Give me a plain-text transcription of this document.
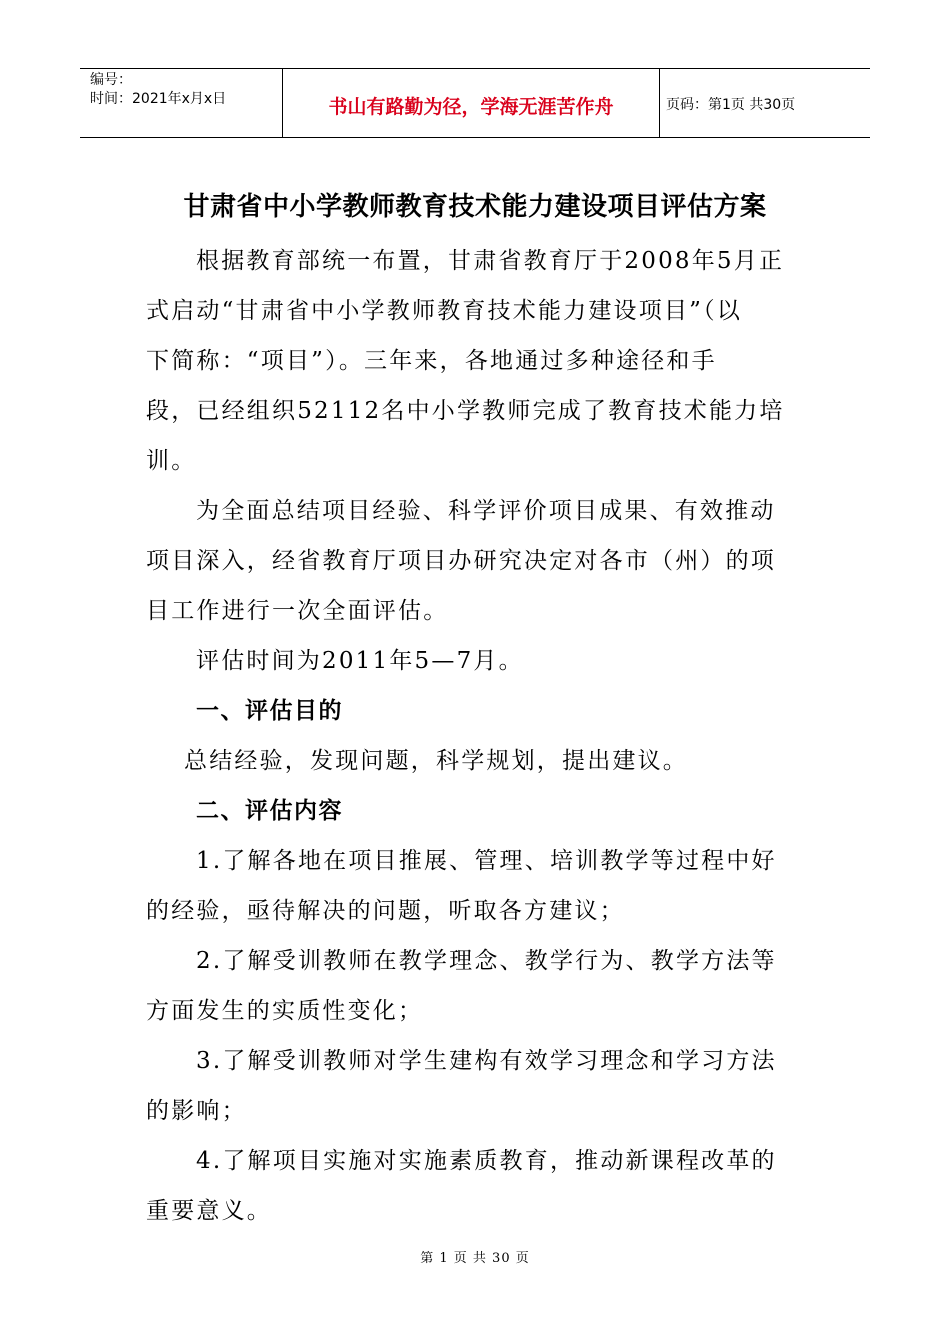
编号：
时间：2021年x月x日	书山有路勤为径，学海无涯苦作舟	页码：第1页 共30页
甘肃省中小学教师教育技术能力建设项目评估方案

根据教育部统一布置，甘肃省教育厅于2008年5月正
式启动“甘肃省中小学教师教育技术能力建设项目”（以
下简称：“项目”）。三年来，各地通过多种途径和手
段，已经组织52112名中小学教师完成了教育技术能力培
训。

为全面总结项目经验、科学评价项目成果、有效推动
项目深入，经省教育厅项目办研究决定对各市（州）的项
目工作进行一次全面评估。

评估时间为2011年5—7月。

一、评估目的

总结经验，发现问题，科学规划，提出建议。

二、评估内容

1.了解各地在项目推展、管理、培训教学等过程中好
的经验，亟待解决的问题，听取各方建议；

2.了解受训教师在教学理念、教学行为、教学方法等
方面发生的实质性变化；

3.了解受训教师对学生建构有效学习理念和学习方法
的影响；

4.了解项目实施对实施素质教育，推动新课程改革的
重要意义。

第 1 页 共 30 页
